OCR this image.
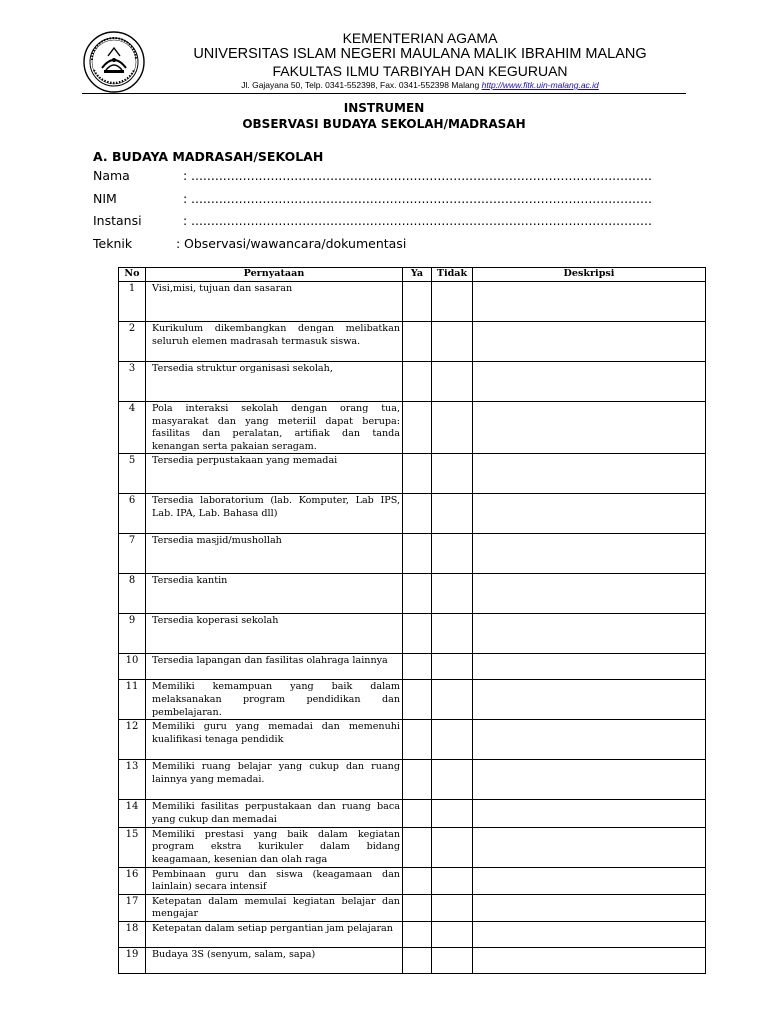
KEMENTERIAN AGAMA
UNIVERSITAS ISLAM NEGERI MAULANA MALIK IBRAHIM MALANG
FAKULTAS ILMU TARBIYAH DAN KEGURUAN
Jl. Gajayana 50, Telp. 0341-552398, Fax. 0341-552398 Malang http://www.fitk.uin-malang.ac.id
INSTRUMEN
OBSERVASI BUDAYA SEKOLAH/MADRASAH
A. BUDAYA MADRASAH/SEKOLAH
Nama	: ....................................................................................................................
NIM	: ....................................................................................................................
Instansi	: ....................................................................................................................
Teknik	: Observasi/wawancara/dokumentasi
No	Pernyataan	Ya	Tidak	Deskripsi
1	Visi,misi, tujuan dan sasaran			
2	Kurikulum dikembangkan dengan melibatkan seluruh elemen madrasah termasuk siswa.			
3	Tersedia struktur organisasi sekolah,			
4	Pola interaksi sekolah dengan orang tua, masyarakat dan yang meteriil dapat berupa: fasilitas dan peralatan, artifiak dan tanda kenangan serta pakaian seragam.			
5	Tersedia perpustakaan yang memadai			
6	Tersedia laboratorium (lab. Komputer, Lab IPS, Lab. IPA, Lab. Bahasa dll)			
7	Tersedia masjid/mushollah			
8	Tersedia kantin			
9	Tersedia koperasi sekolah			
10	Tersedia lapangan dan fasilitas olahraga lainnya			
11	Memiliki kemampuan yang baik dalam melaksanakan program pendidikan dan pembelajaran.			
12	Memiliki guru yang memadai dan memenuhi kualifikasi tenaga pendidik			
13	Memiliki ruang belajar yang cukup dan ruang lainnya yang memadai.			
14	Memiliki fasilitas perpustakaan dan ruang baca yang cukup dan memadai			
15	Memiliki prestasi yang baik dalam kegiatan program ekstra kurikuler dalam bidang keagamaan, kesenian dan olah raga			
16	Pembinaan guru dan siswa (keagamaan dan lainlain) secara intensif			
17	Ketepatan dalam memulai kegiatan belajar dan mengajar			
18	Ketepatan dalam setiap pergantian jam pelajaran			
19	Budaya 3S (senyum, salam, sapa)			
